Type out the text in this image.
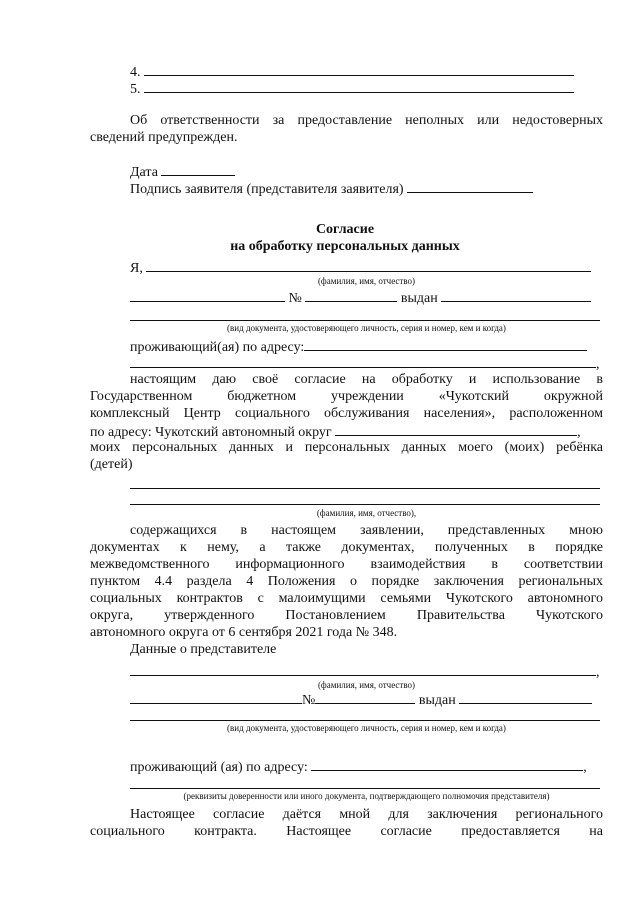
4.
5.
Об ответственности за предоставление неполных или недостоверных
сведений предупрежден.
Дата
Подпись заявителя (представителя заявителя)
Согласие
на обработку персональных данных
Я,
(фамилия, имя, отчество)
№	выдан
(вид документа, удостоверяющего личность, серия и номер, кем и когда)
проживающий(ая) по адресу:
,
настоящим даю своё согласие на обработку и использование в
Государственном бюджетном учреждении «Чукотский окружной
комплексный Центр социального обслуживания населения», расположенном
по адресу: Чукотский автономный округ	,
моих персональных данных и персональных данных моего (моих) ребёнка
(детей)
(фамилия, имя, отчество),
содержащихся в настоящем заявлении, представленных мною
документах к нему, а также документах, полученных в порядке
межведомственного информационного взаимодействия в соответствии
пунктом 4.4 раздела 4 Положения о порядке заключения региональных
социальных контрактов с малоимущими семьями Чукотского автономного
округа, утвержденного Постановлением Правительства Чукотского
автономного округа от 6 сентября 2021 года № 348.
Данные о представителе
,
(фамилия, имя, отчество)
№	выдан
(вид документа, удостоверяющего личность, серия и номер, кем и когда)
проживающий (ая) по адресу:	,
(реквизиты доверенности или иного документа, подтверждающего полномочия представителя)
Настоящее согласие даётся мной для заключения регионального
социального контракта. Настоящее согласие предоставляется на
